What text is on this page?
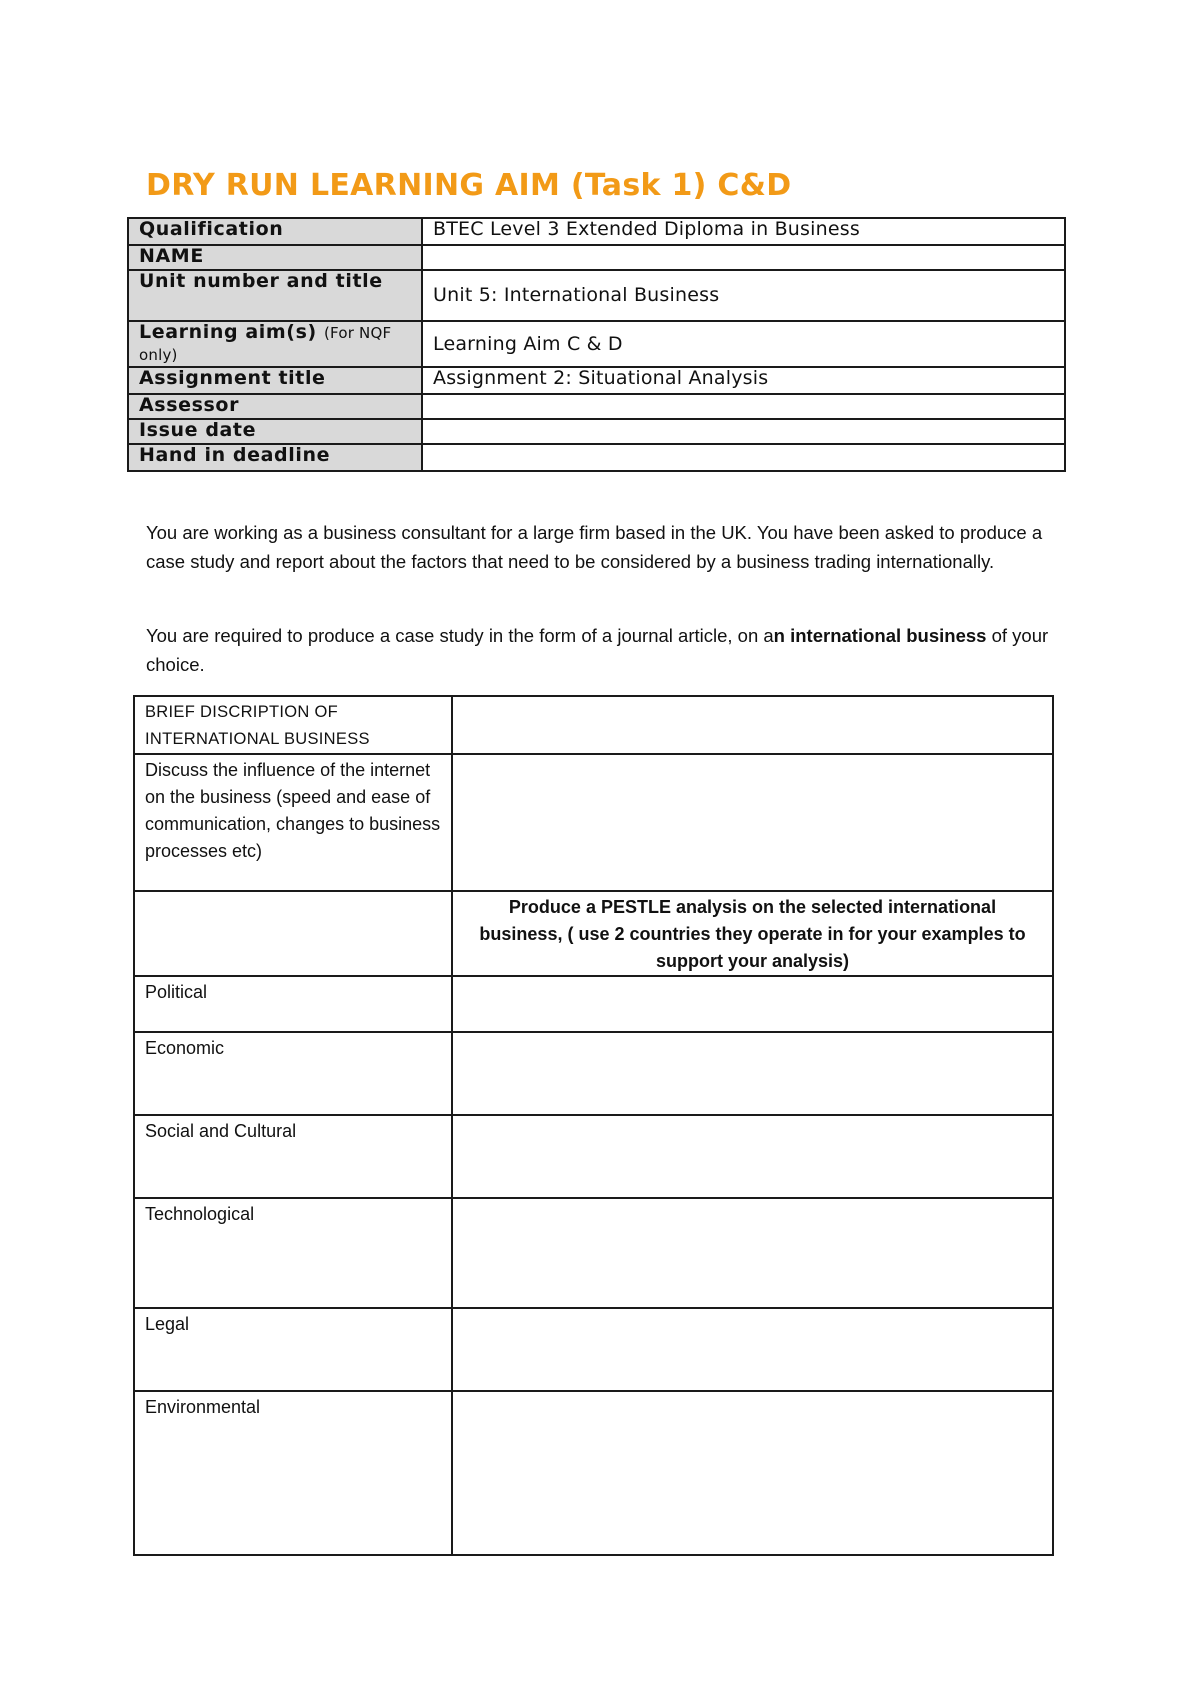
DRY RUN LEARNING AIM (Task 1) C&D
Qualification	BTEC Level 3 Extended Diploma in Business
NAME	
Unit number and title	Unit 5: International Business
Learning aim(s) (For NQF only)	Learning Aim C & D
Assignment title	Assignment 2: Situational Analysis
Assessor	
Issue date	
Hand in deadline	

You are working as a business consultant for a large firm based in the UK. You have been asked to produce a case study and report about the factors that need to be considered by a business trading internationally.

You are required to produce a case study in the form of a journal article, on an international business of your choice.

BRIEF DISCRIPTION OF INTERNATIONAL BUSINESS	
Discuss the influence of the internet on the business (speed and ease of communication, changes to business processes etc)	
	Produce a PESTLE analysis on the selected international business, ( use 2 countries they operate in for your examples to support your analysis)
Political	
Economic	
Social and Cultural	
Technological	
Legal	
Environmental	
